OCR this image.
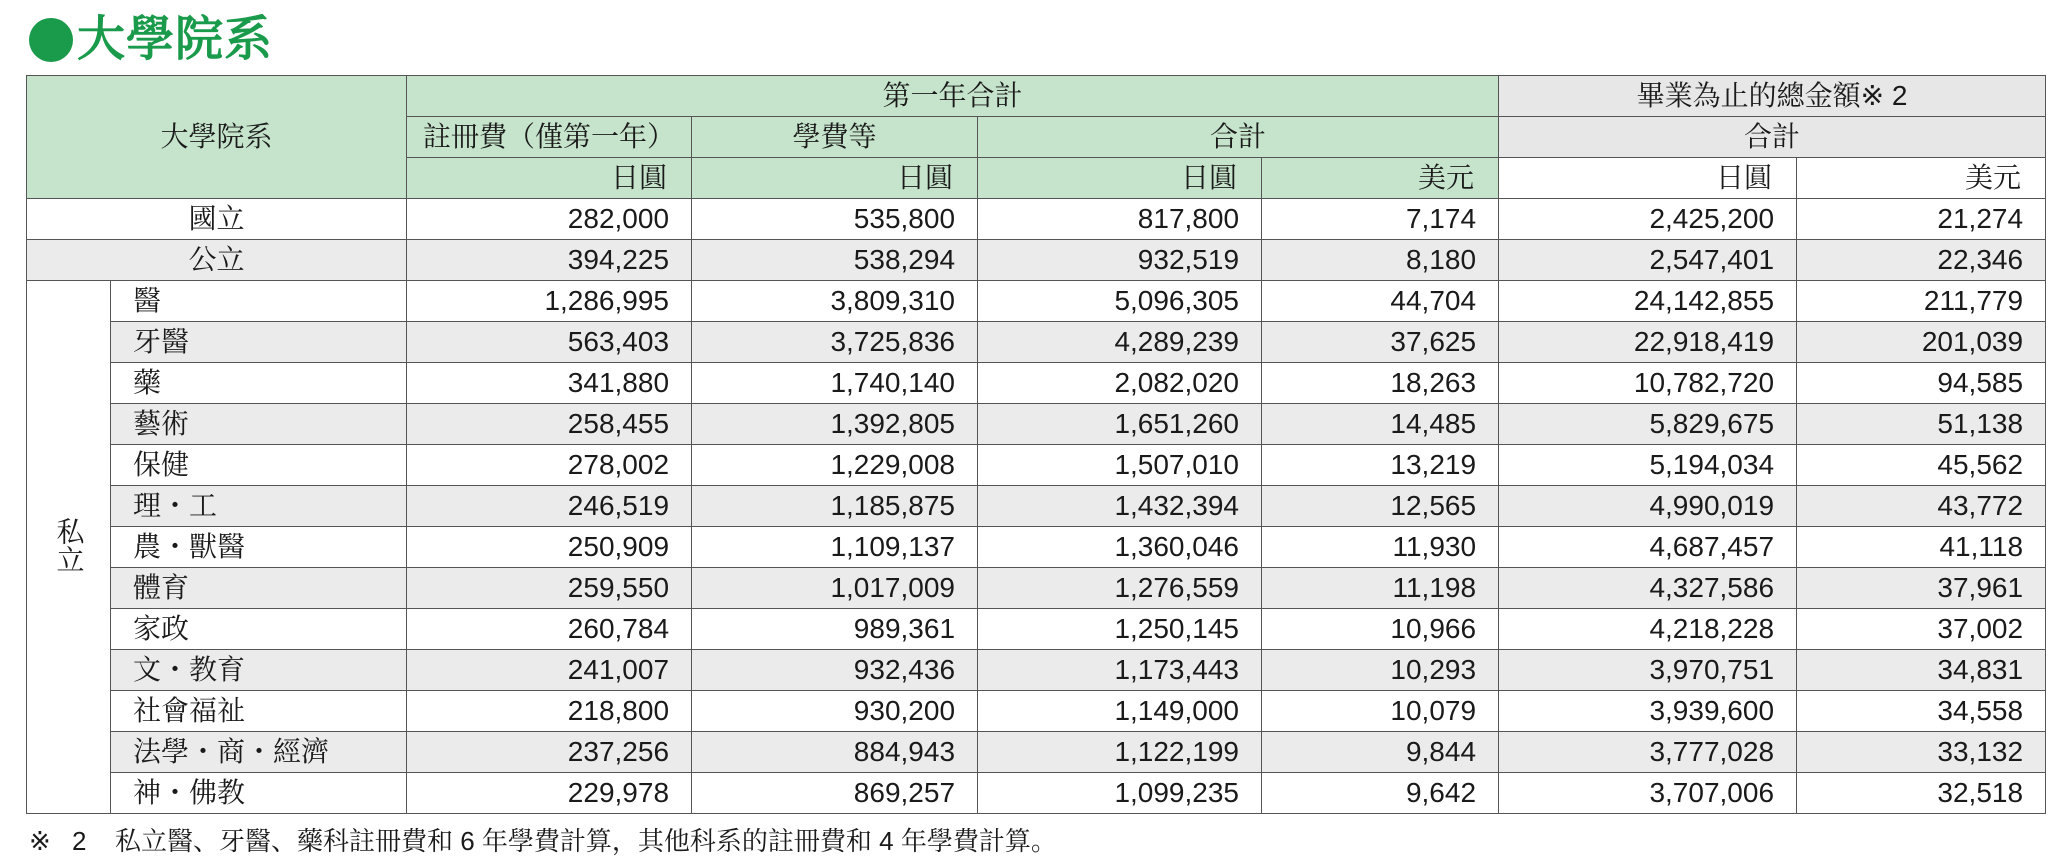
大學院系
大學院系		第一年合計				畢業為止的總金額※ 2	
		註冊費（僅第一年）	學費等	合計		合計	
		日圓	日圓	日圓	美元	日圓	美元
國立		282,000	535,800	817,800	7,174	2,425,200	21,274
公立		394,225	538,294	932,519	8,180	2,547,401	22,346
私立	醫	1,286,995	3,809,310	5,096,305	44,704	24,142,855	211,779
	牙醫	563,403	3,725,836	4,289,239	37,625	22,918,419	201,039
	藥	341,880	1,740,140	2,082,020	18,263	10,782,720	94,585
	藝術	258,455	1,392,805	1,651,260	14,485	5,829,675	51,138
	保健	278,002	1,229,008	1,507,010	13,219	5,194,034	45,562
	理・工	246,519	1,185,875	1,432,394	12,565	4,990,019	43,772
	農・獸醫	250,909	1,109,137	1,360,046	11,930	4,687,457	41,118
	體育	259,550	1,017,009	1,276,559	11,198	4,327,586	37,961
	家政	260,784	989,361	1,250,145	10,966	4,218,228	37,002
	文・教育	241,007	932,436	1,173,443	10,293	3,970,751	34,831
	社會福祉	218,800	930,200	1,149,000	10,079	3,939,600	34,558
	法學・商・經濟	237,256	884,943	1,122,199	9,844	3,777,028	33,132
	神・佛教	229,978	869,257	1,099,235	9,642	3,707,006	32,518
※ 2 私立醫、牙醫、藥科註冊費和 6 年學費計算，其他科系的註冊費和 4 年學費計算。
